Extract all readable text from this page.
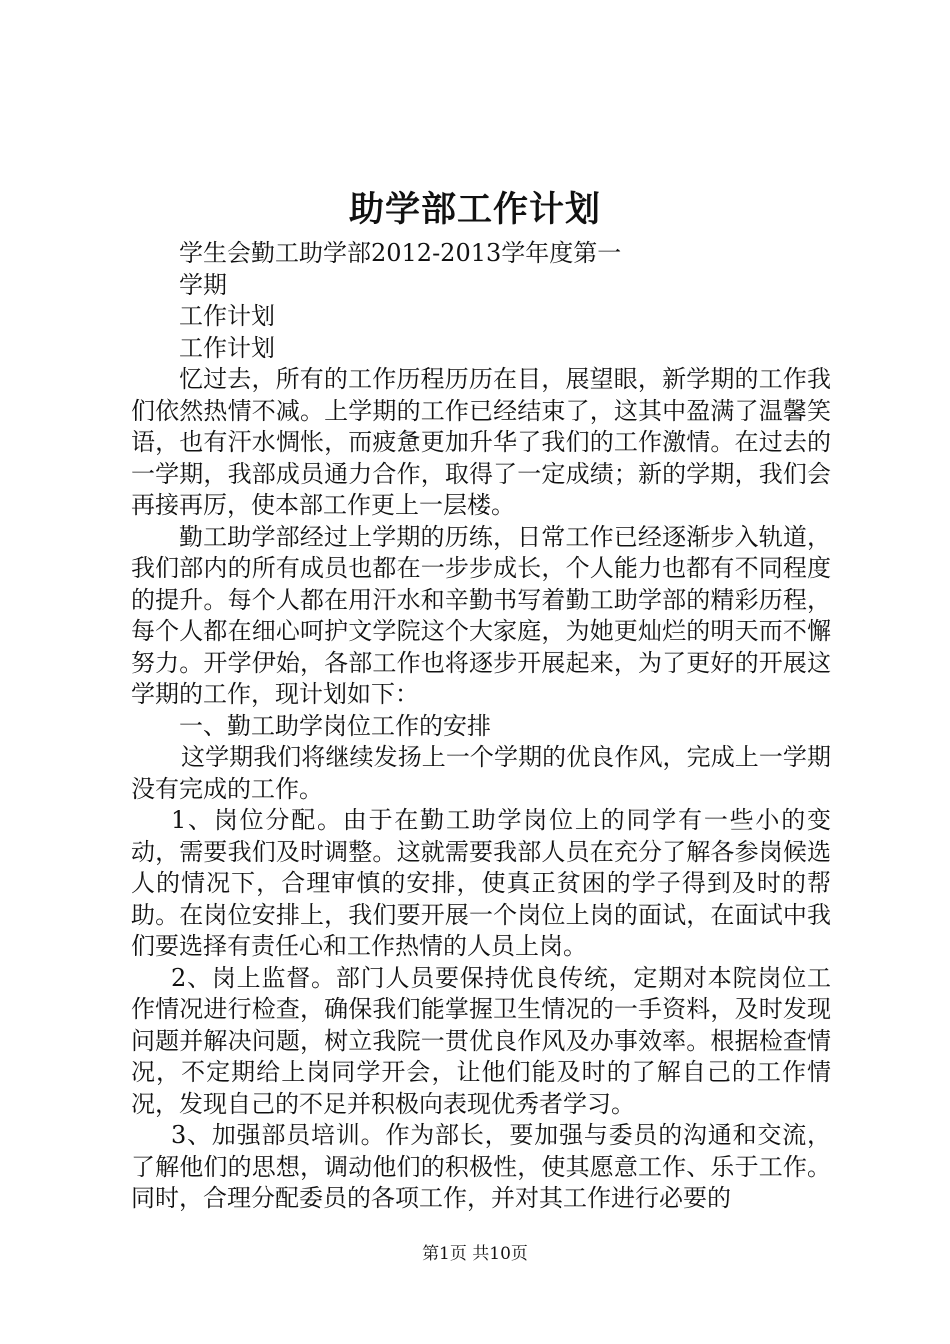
助学部工作计划

学生会勤工助学部2012-2013学年度第一

学期

工作计划

工作计划

忆过去，所有的工作历程历历在目，展望眼，新学期的工作我们依然热情不减。上学期的工作已经结束了，这其中盈满了温馨笑语，也有汗水惆怅，而疲惫更加升华了我们的工作激情。在过去的一学期，我部成员通力合作，取得了一定成绩；新的学期，我们会再接再厉，使本部工作更上一层楼。

勤工助学部经过上学期的历练，日常工作已经逐渐步入轨道，我们部内的所有成员也都在一步步成长，个人能力也都有不同程度的提升。每个人都在用汗水和辛勤书写着勤工助学部的精彩历程，每个人都在细心呵护文学院这个大家庭，为她更灿烂的明天而不懈努力。开学伊始，各部工作也将逐步开展起来，为了更好的开展这学期的工作，现计划如下：

一、勤工助学岗位工作的安排

这学期我们将继续发扬上一个学期的优良作风，完成上一学期没有完成的工作。

1、岗位分配。由于在勤工助学岗位上的同学有一些小的变动，需要我们及时调整。这就需要我部人员在充分了解各参岗候选人的情况下，合理审慎的安排，使真正贫困的学子得到及时的帮助。在岗位安排上，我们要开展一个岗位上岗的面试，在面试中我们要选择有责任心和工作热情的人员上岗。

2、岗上监督。部门人员要保持优良传统，定期对本院岗位工作情况进行检查，确保我们能掌握卫生情况的一手资料，及时发现问题并解决问题，树立我院一贯优良作风及办事效率。根据检查情况，不定期给上岗同学开会，让他们能及时的了解自己的工作情况，发现自己的不足并积极向表现优秀者学习。

3、加强部员培训。作为部长，要加强与委员的沟通和交流，了解他们的思想，调动他们的积极性，使其愿意工作、乐于工作。同时，合理分配委员的各项工作，并对其工作进行必要的

第1页 共10页
